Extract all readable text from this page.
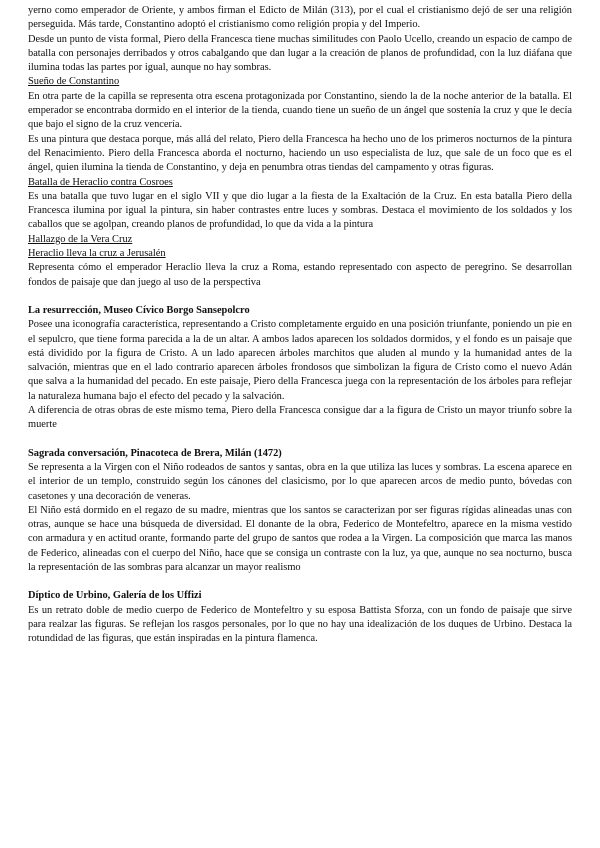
yerno como emperador de Oriente, y ambos firman el Edicto de Milán (313), por el cual el cristianismo dejó de ser una religión perseguida. Más tarde, Constantino adoptó el cristianismo como religión propia y del Imperio.

Desde un punto de vista formal, Piero della Francesca tiene muchas similitudes con Paolo Ucello, creando un espacio de campo de batalla con personajes derribados y otros cabalgando que dan lugar a la creación de planos de profundidad, con la luz diáfana que ilumina todas las partes por igual, aunque no hay sombras.

Sueño de Constantino

En otra parte de la capilla se representa otra escena protagonizada por Constantino, siendo la de la noche anterior de la batalla. El emperador se encontraba dormido en el interior de la tienda, cuando tiene un sueño de un ángel que sostenía la cruz y que le decía que bajo el signo de la cruz vencería.

Es una pintura que destaca porque, más allá del relato, Piero della Francesca ha hecho uno de los primeros nocturnos de la pintura del Renacimiento. Piero della Francesca aborda el nocturno, haciendo un uso especialista de luz, que sale de un foco que es el ángel, quien ilumina la tienda de Constantino, y deja en penumbra otras tiendas del campamento y otras figuras.

Batalla de Heraclio contra Cosroes

Es una batalla que tuvo lugar en el siglo VII y que dio lugar a la fiesta de la Exaltación de la Cruz. En esta batalla Piero della Francesca ilumina por igual la pintura, sin haber contrastes entre luces y sombras. Destaca el movimiento de los soldados y los caballos que se agolpan, creando planos de profundidad, lo que da vida a la pintura

Hallazgo de la Vera Cruz

Heraclio lleva la cruz a Jerusalén

Representa cómo el emperador Heraclio lleva la cruz a Roma, estando representado con aspecto de peregrino. Se desarrollan fondos de paisaje que dan juego al uso de la perspectiva

La resurrección, Museo Cívico Borgo Sansepolcro

Posee una iconografía característica, representando a Cristo completamente erguido en una posición triunfante, poniendo un pie en el sepulcro, que tiene forma parecida a la de un altar. A ambos lados aparecen los soldados dormidos, y el fondo es un paisaje que está dividido por la figura de Cristo. A un lado aparecen árboles marchitos que aluden al mundo y la humanidad antes de la salvación, mientras que en el lado contrario aparecen árboles frondosos que simbolizan la figura de Cristo como el nuevo Adán que salva a la humanidad del pecado. En este paisaje, Piero della Francesca juega con la representación de los árboles para reflejar la naturaleza humana bajo el efecto del pecado y la salvación.

A diferencia de otras obras de este mismo tema, Piero della Francesca consigue dar a la figura de Cristo un mayor triunfo sobre la muerte

Sagrada conversación, Pinacoteca de Brera, Milán (1472)

Se representa a la Virgen con el Niño rodeados de santos y santas, obra en la que utiliza las luces y sombras. La escena aparece en el interior de un templo, construido según los cánones del clasicismo, por lo que aparecen arcos de medio punto, bóvedas con casetones y una decoración de veneras.

El Niño está dormido en el regazo de su madre, mientras que los santos se caracterizan por ser figuras rígidas alineadas unas con otras, aunque se hace una búsqueda de diversidad. El donante de la obra, Federico de Montefeltro, aparece en la misma vestido con armadura y en actitud orante, formando parte del grupo de santos que rodea a la Virgen. La composición que marca las manos de Federico, alineadas con el cuerpo del Niño, hace que se consiga un contraste con la luz, ya que, aunque no sea nocturno, busca la representación de las sombras para alcanzar un mayor realismo

Díptico de Urbino, Galería de los Uffizi

Es un retrato doble de medio cuerpo de Federico de Montefeltro y su esposa Battista Sforza, con un fondo de paisaje que sirve para realzar las figuras. Se reflejan los rasgos personales, por lo que no hay una idealización de los duques de Urbino. Destaca la rotundidad de las figuras, que están inspiradas en la pintura flamenca.
